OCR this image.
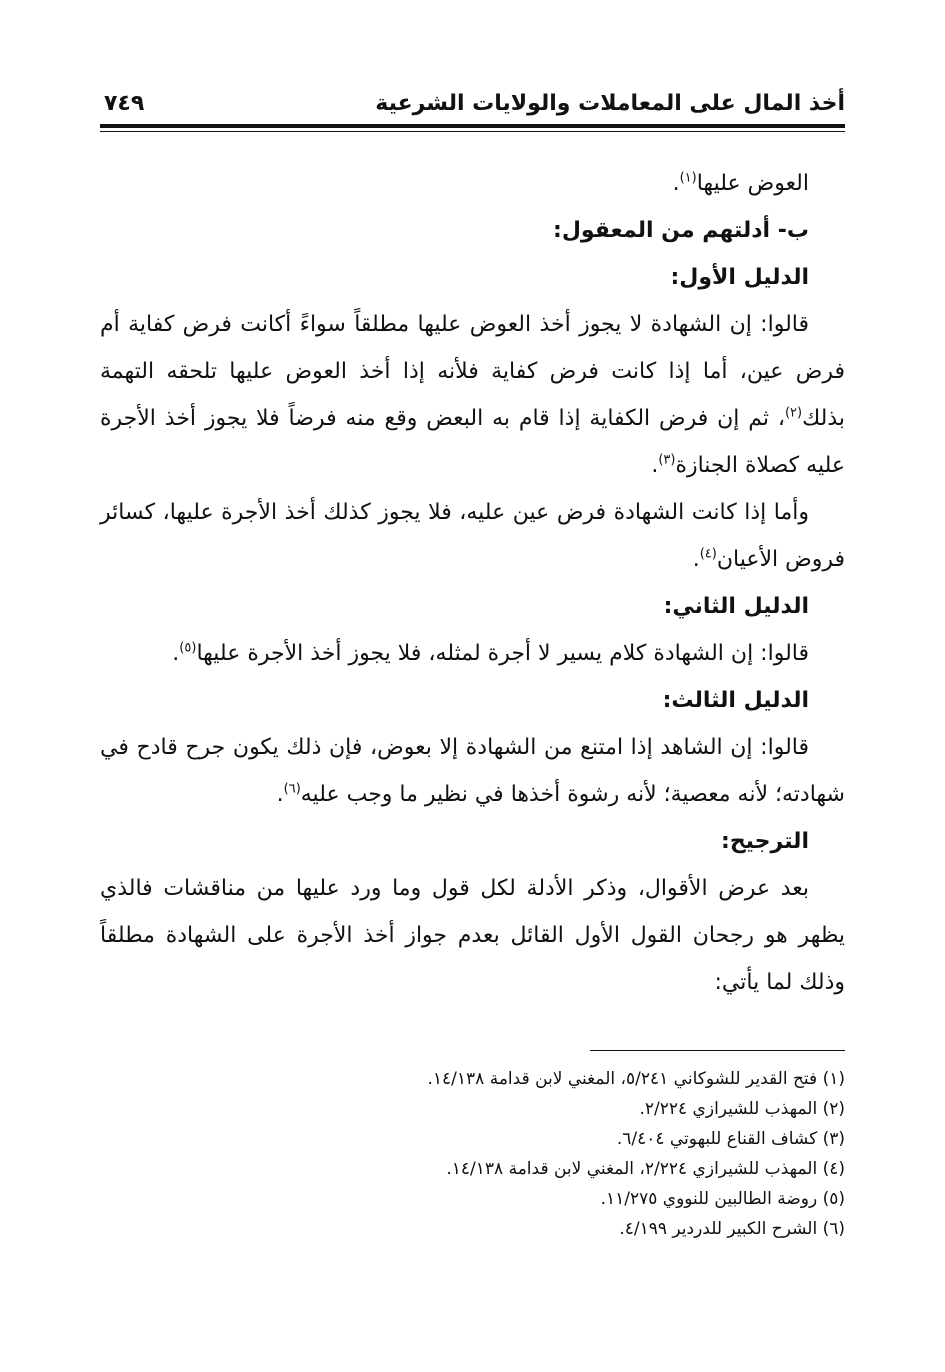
أخذ المال على المعاملات والولايات الشرعية
٧٤٩

العوض عليها$^{(١)}$.

ب- أدلتهم من المعقول:

الدليل الأول:

قالوا: إن الشهادة لا يجوز أخذ العوض عليها مطلقاً سواءً أكانت فرض كفاية أم فرض عين، أما إذا كانت فرض كفاية فلأنه إذا أخذ العوض عليها تلحقه التهمة بذلك$^{(٢)}$، ثم إن فرض الكفاية إذا قام به البعض وقع منه فرضاً فلا يجوز أخذ الأجرة عليه كصلاة الجنازة$^{(٣)}$.

وأما إذا كانت الشهادة فرض عين عليه، فلا يجوز كذلك أخذ الأجرة عليها، كسائر فروض الأعيان$^{(٤)}$.

الدليل الثاني:

قالوا: إن الشهادة كلام يسير لا أجرة لمثله، فلا يجوز أخذ الأجرة عليها$^{(٥)}$.

الدليل الثالث:

قالوا: إن الشاهد إذا امتنع من الشهادة إلا بعوض، فإن ذلك يكون جرح قادح في شهادته؛ لأنه معصية؛ لأنه رشوة أخذها في نظير ما وجب عليه$^{(٦)}$.

الترجيح:

بعد عرض الأقوال، وذكر الأدلة لكل قول وما ورد عليها من مناقشات فالذي يظهر هو رجحان القول الأول القائل بعدم جواز أخذ الأجرة على الشهادة مطلقاً وذلك لما يأتي:

(١) فتح القدير للشوكاني ٥/٢٤١، المغني لابن قدامة ١٤/١٣٨.

(٢) المهذب للشيرازي ٢/٢٢٤.

(٣) كشاف القناع للبهوتي ٦/٤٠٤.

(٤) المهذب للشيرازي ٢/٢٢٤، المغني لابن قدامة ١٤/١٣٨.

(٥) روضة الطالبين للنووي ١١/٢٧٥.

(٦) الشرح الكبير للدردير ٤/١٩٩.
